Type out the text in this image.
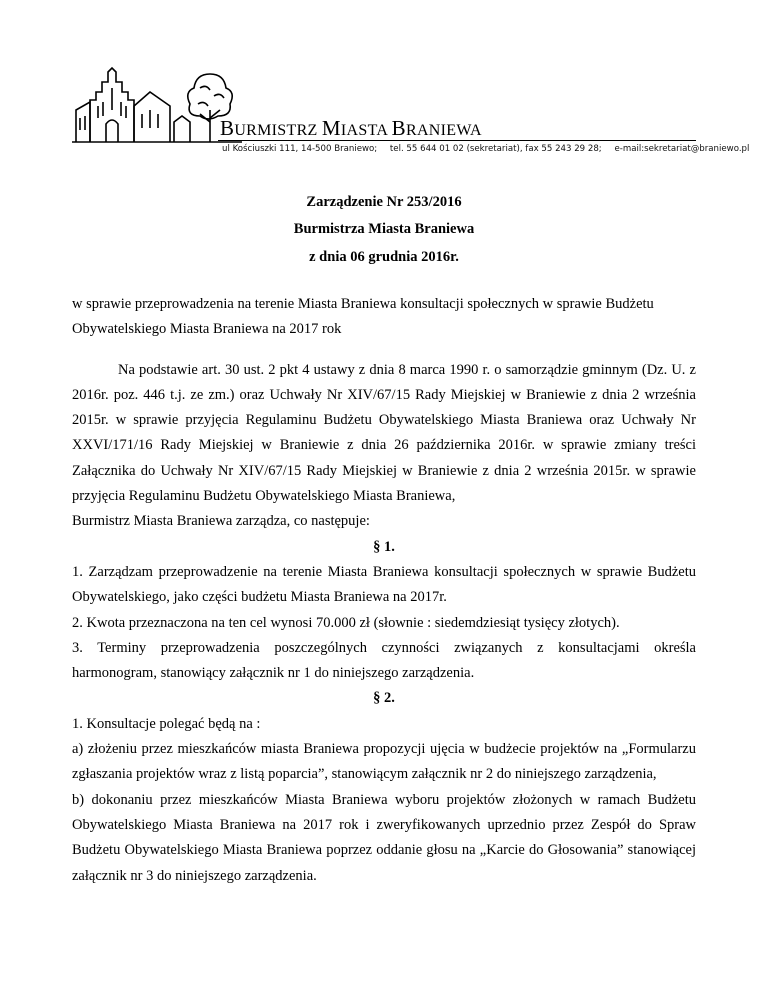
BURMISTRZ MIASTA BRANIEWA
ul Kościuszki 111, 14-500 Braniewo; tel. 55 644 01 02 (sekretariat), fax 55 243 29 28; e-mail:sekretariat@braniewo.pl
Zarządzenie Nr 253/2016
Burmistrza Miasta Braniewa
z dnia 06 grudnia 2016r.

w sprawie przeprowadzenia na terenie Miasta Braniewa konsultacji społecznych w sprawie Budżetu Obywatelskiego Miasta Braniewa na 2017 rok

Na podstawie art. 30 ust. 2 pkt 4 ustawy z dnia 8 marca 1990 r. o samorządzie gminnym (Dz. U. z 2016r. poz. 446 t.j. ze zm.) oraz Uchwały Nr XIV/67/15 Rady Miejskiej w Braniewie z dnia 2 września 2015r. w sprawie przyjęcia Regulaminu Budżetu Obywatelskiego Miasta Braniewa oraz Uchwały Nr XXVI/171/16 Rady Miejskiej w Braniewie z dnia 26 października 2016r. w sprawie zmiany treści Załącznika do Uchwały Nr XIV/67/15 Rady Miejskiej w Braniewie z dnia 2 września 2015r. w sprawie przyjęcia Regulaminu Budżetu Obywatelskiego Miasta Braniewa,

Burmistrz Miasta Braniewa zarządza, co następuje:

§ 1.

1. Zarządzam przeprowadzenie na terenie Miasta Braniewa konsultacji społecznych w sprawie Budżetu Obywatelskiego, jako części budżetu Miasta Braniewa na 2017r.

2. Kwota przeznaczona na ten cel wynosi 70.000 zł (słownie : siedemdziesiąt tysięcy złotych).

3. Terminy przeprowadzenia poszczególnych czynności związanych z konsultacjami określa harmonogram, stanowiący załącznik nr 1 do niniejszego zarządzenia.

§ 2.

1. Konsultacje polegać będą na :

a) złożeniu przez mieszkańców miasta Braniewa propozycji ujęcia w budżecie projektów na „Formularzu zgłaszania projektów wraz z listą poparcia”, stanowiącym załącznik nr 2 do niniejszego zarządzenia,

b) dokonaniu przez mieszkańców Miasta Braniewa wyboru projektów złożonych w ramach Budżetu Obywatelskiego Miasta Braniewa na 2017 rok i zweryfikowanych uprzednio przez Zespół do Spraw Budżetu Obywatelskiego Miasta Braniewa poprzez oddanie głosu na „Karcie do Głosowania” stanowiącej załącznik nr 3 do niniejszego zarządzenia.
